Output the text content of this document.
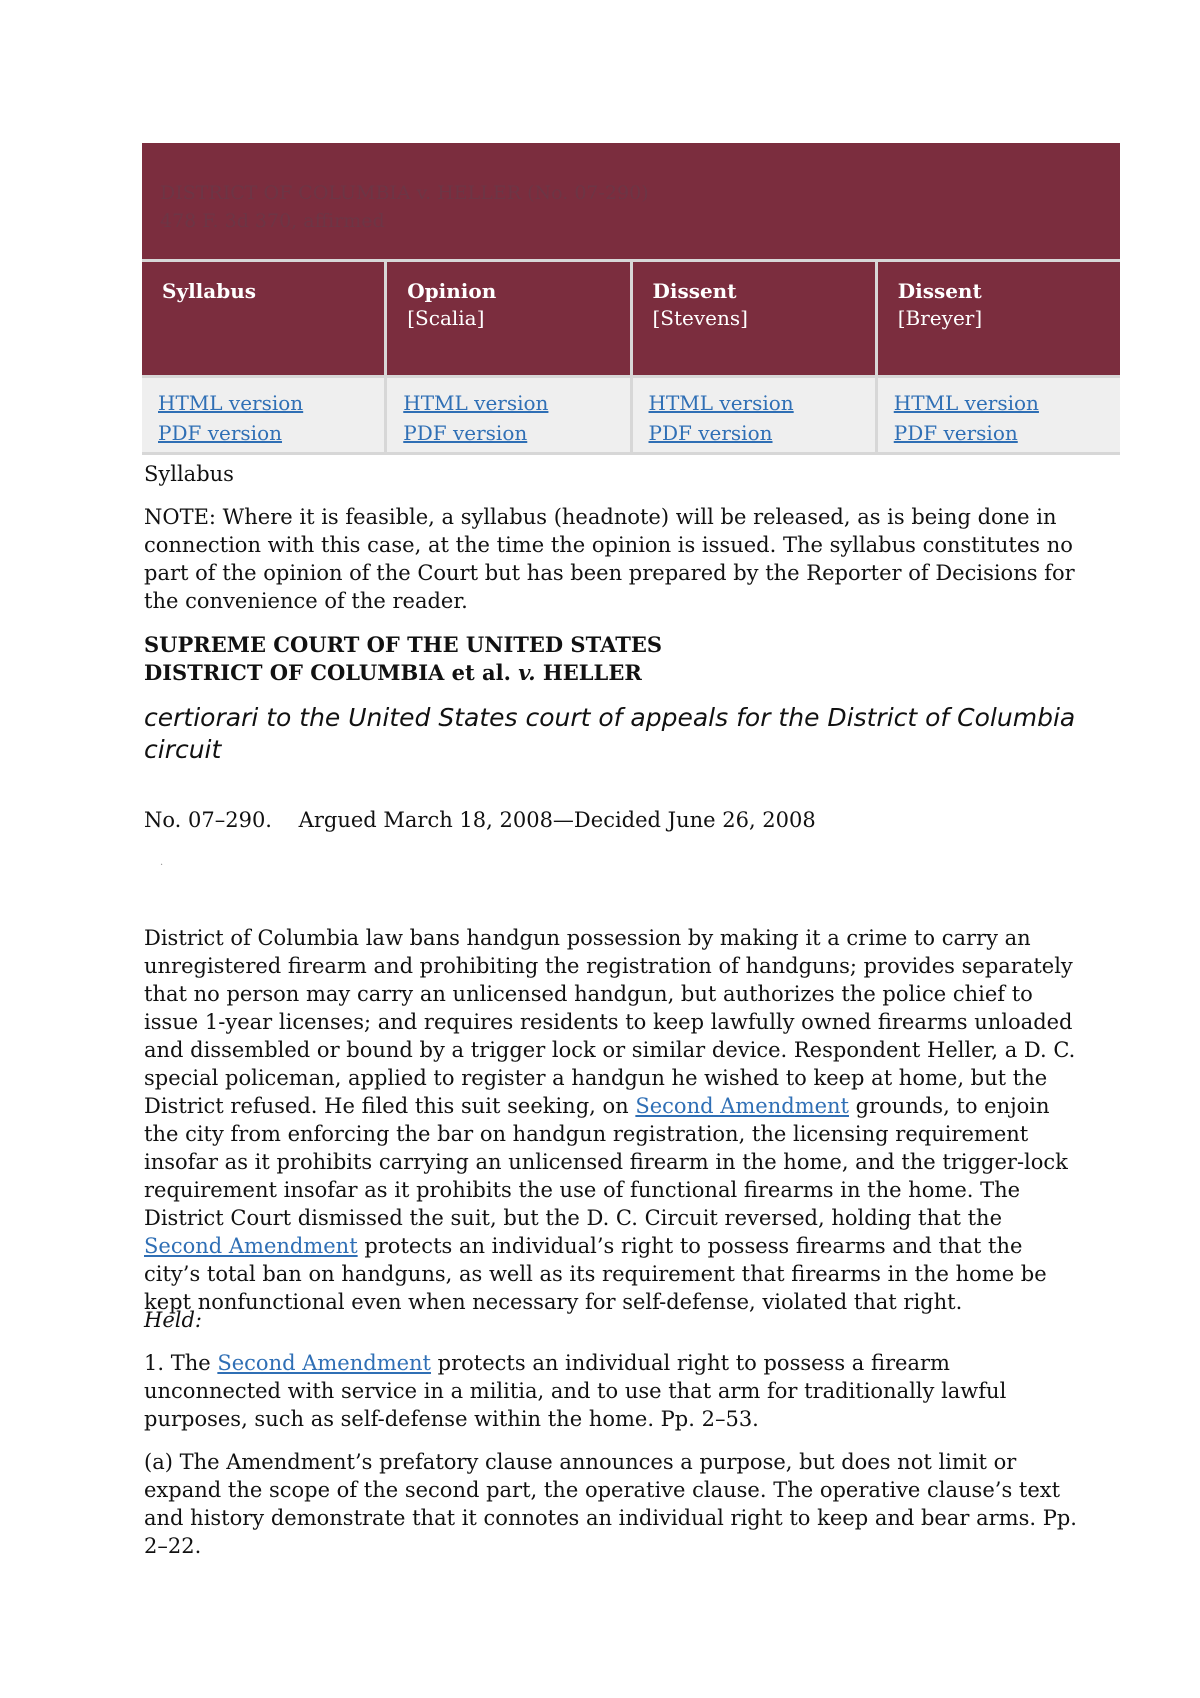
DISTRICT OF COLUMBIA v. HELLER (No. 07-290)
478 F. 3d 370, affirmed
Syllabus	Opinion
[Scalia]
Dissent
[Stevens]
Dissent
[Breyer]
HTML version
PDF version
HTML version
PDF version
HTML version
PDF version
HTML version
PDF version

Syllabus

NOTE: Where it is feasible, a syllabus (headnote) will be released, as is being done in connection with this case, at the time the opinion is issued. The syllabus constitutes no part of the opinion of the Court but has been prepared by the Reporter of Decisions for the convenience of the reader.

SUPREME COURT OF THE UNITED STATES

DISTRICT OF COLUMBIA et al. v. HELLER

certiorari to the United States court of appeals for the District of Columbia circuit

No. 07–290.    Argued March 18, 2008—Decided June 26, 2008

·

District of Columbia law bans handgun possession by making it a crime to carry an unregistered firearm and prohibiting the registration of handguns; provides separately that no person may carry an unlicensed handgun, but authorizes the police chief to issue 1-year licenses; and requires residents to keep lawfully owned firearms unloaded and dissembled or bound by a trigger lock or similar device. Respondent Heller, a D. C. special policeman, applied to register a handgun he wished to keep at home, but the District refused. He filed this suit seeking, on Second Amendment grounds, to enjoin the city from enforcing the bar on handgun registration, the licensing requirement insofar as it prohibits carrying an unlicensed firearm in the home, and the trigger-lock requirement insofar as it prohibits the use of functional firearms in the home. The District Court dismissed the suit, but the D. C. Circuit reversed, holding that the Second Amendment protects an individual’s right to possess firearms and that the city’s total ban on handguns, as well as its requirement that firearms in the home be kept nonfunctional even when necessary for self-defense, violated that right.

Held:

1. The Second Amendment protects an individual right to possess a firearm unconnected with service in a militia, and to use that arm for traditionally lawful purposes, such as self-defense within the home. Pp. 2–53.

(a) The Amendment’s prefatory clause announces a purpose, but does not limit or expand the scope of the second part, the operative clause. The operative clause’s text and history demonstrate that it connotes an individual right to keep and bear arms. Pp. 2–22.
